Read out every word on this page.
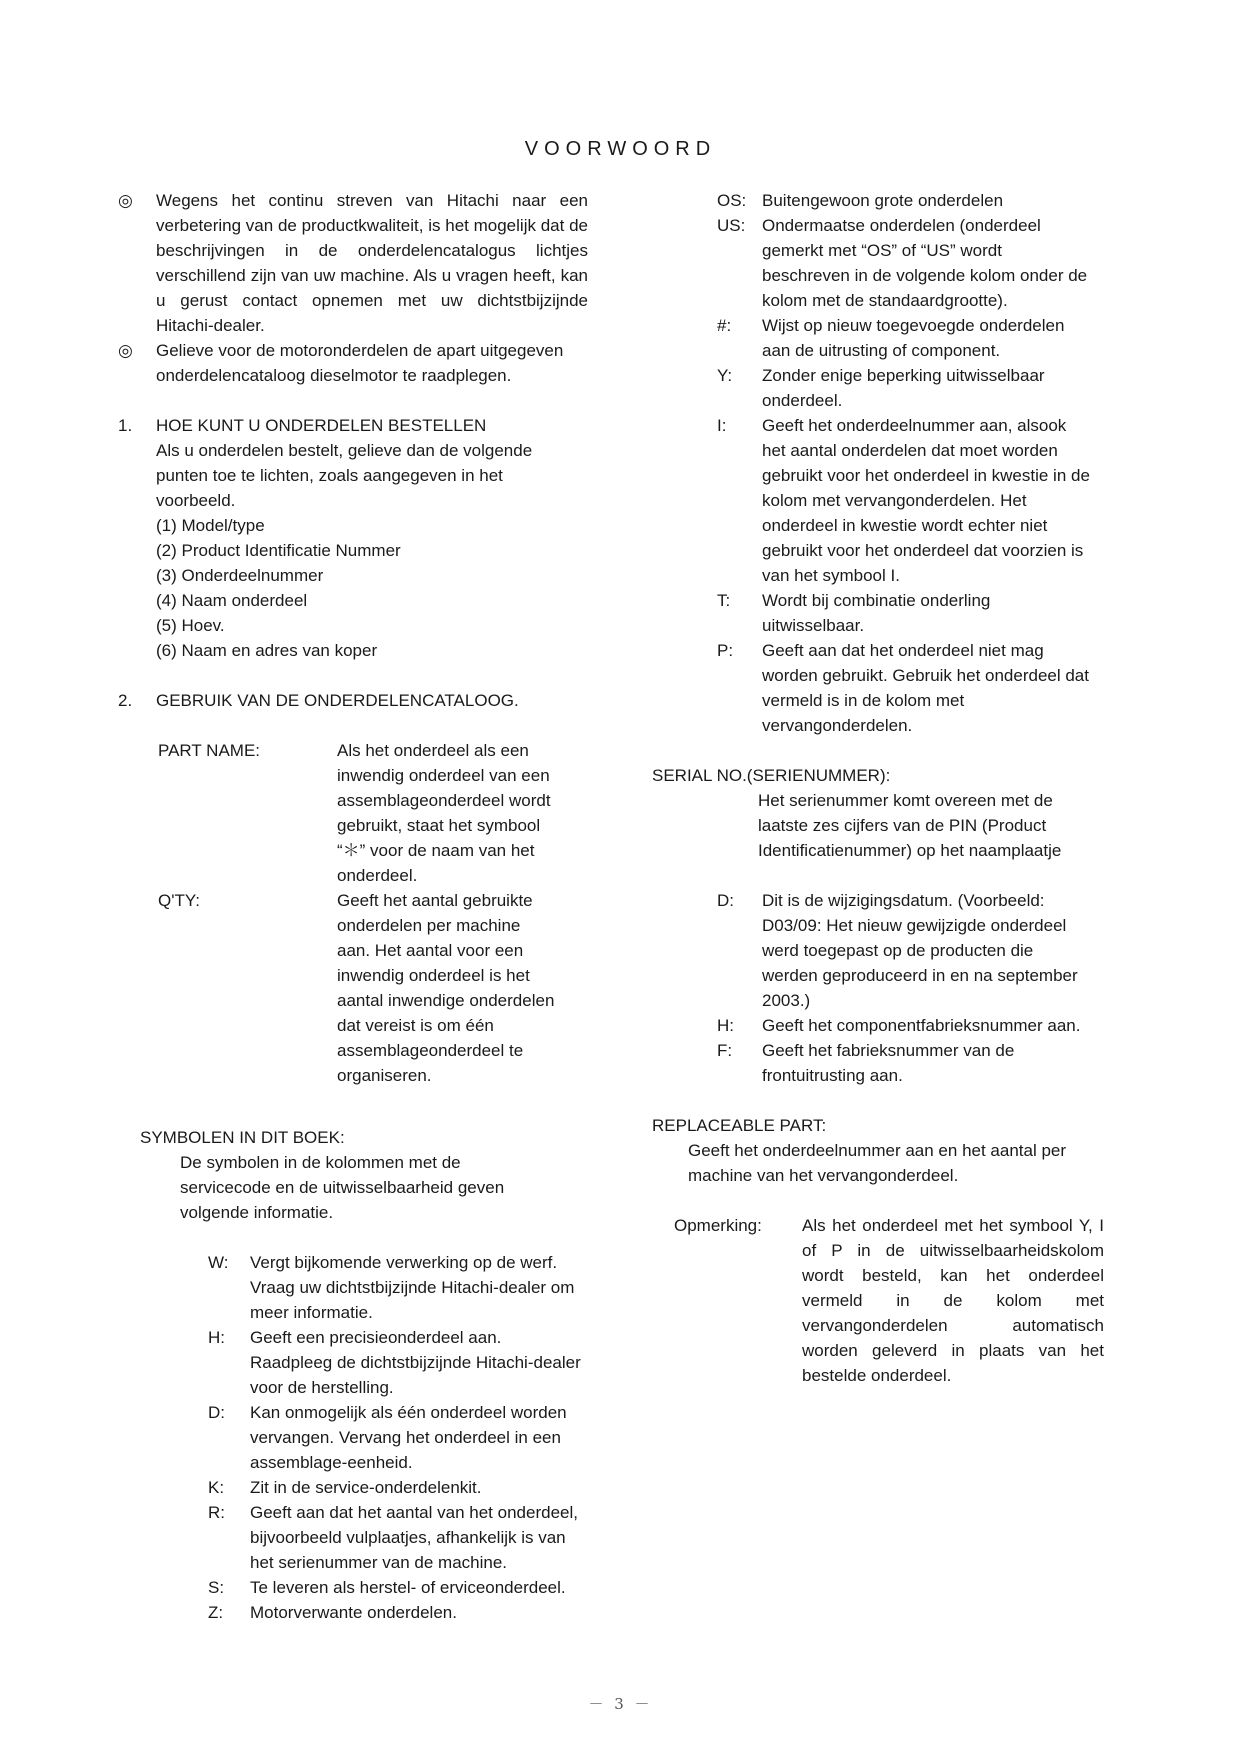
VOORWOORD
◎ Wegens het continu streven van Hitachi naar een verbetering van de productkwaliteit, is het mogelijk dat de beschrijvingen in de onderdelencatalogus lichtjes verschillend zijn van uw machine. Als u vragen heeft, kan u gerust contact opnemen met uw dichtstbijzijnde Hitachi-dealer.
◎ Gelieve voor de motoronderdelen de apart uitgegeven onderdelencataloog dieselmotor te raadplegen.
1. HOE KUNT U ONDERDELEN BESTELLEN
Als u onderdelen bestelt, gelieve dan de volgende punten toe te lichten, zoals aangegeven in het voorbeeld.
(1) Model/type
(2) Product Identificatie Nummer
(3) Onderdeelnummer
(4) Naam onderdeel
(5) Hoev.
(6) Naam en adres van koper
2. GEBRUIK VAN DE ONDERDELENCATALOOG.
PART NAME:	Als het onderdeel als een inwendig onderdeel van een assemblageonderdeel wordt gebruikt, staat het symbool “＊” voor de naam van het onderdeel.
Q'TY:	Geeft het aantal gebruikte onderdelen per machine aan. Het aantal voor een inwendig onderdeel is het aantal inwendige onderdelen dat vereist is om één assemblageonderdeel te organiseren.
SYMBOLEN IN DIT BOEK:
De symbolen in de kolommen met de servicecode en de uitwisselbaarheid geven volgende informatie.
W: Vergt bijkomende verwerking op de werf. Vraag uw dichtstbijzijnde Hitachi-dealer om meer informatie.
H: Geeft een precisieonderdeel aan. Raadpleeg de dichtstbijzijnde Hitachi-dealer voor de herstelling.
D: Kan onmogelijk als één onderdeel worden vervangen. Vervang het onderdeel in een assemblage-eenheid.
K: Zit in de service-onderdelenkit.
R: Geeft aan dat het aantal van het onderdeel, bijvoorbeeld vulplaatjes, afhankelijk is van het serienummer van de machine.
S: Te leveren als herstel- of erviceonderdeel.
Z: Motorverwante onderdelen.
OS: Buitengewoon grote onderdelen
US: Ondermaatse onderdelen (onderdeel gemerkt met “OS” of “US” wordt beschreven in de volgende kolom onder de kolom met de standaardgrootte).
#: Wijst op nieuw toegevoegde onderdelen aan de uitrusting of component.
Y: Zonder enige beperking uitwisselbaar onderdeel.
I: Geeft het onderdeelnummer aan, alsook het aantal onderdelen dat moet worden gebruikt voor het onderdeel in kwestie in de kolom met vervangonderdelen. Het onderdeel in kwestie wordt echter niet gebruikt voor het onderdeel dat voorzien is van het symbool I.
T: Wordt bij combinatie onderling uitwisselbaar.
P: Geeft aan dat het onderdeel niet mag worden gebruikt. Gebruik het onderdeel dat vermeld is in de kolom met vervangonderdelen.
SERIAL NO.(SERIENUMMER):
Het serienummer komt overeen met de laatste zes cijfers van de PIN (Product Identificatienummer) op het naamplaatje
D: Dit is de wijzigingsdatum. (Voorbeeld: D03/09: Het nieuw gewijzigde onderdeel werd toegepast op de producten die werden geproduceerd in en na september 2003.)
H: Geeft het componentfabrieksnummer aan.
F: Geeft het fabrieksnummer van de frontuitrusting aan.
REPLACEABLE PART:
Geeft het onderdeelnummer aan en het aantal per machine van het vervangonderdeel.
Opmerking:	Als het onderdeel met het symbool Y, I of P in de uitwisselbaarheidskolom wordt besteld, kan het onderdeel vermeld in de kolom met vervangonderdelen automatisch worden geleverd in plaats van het bestelde onderdeel.
－ 3 －
